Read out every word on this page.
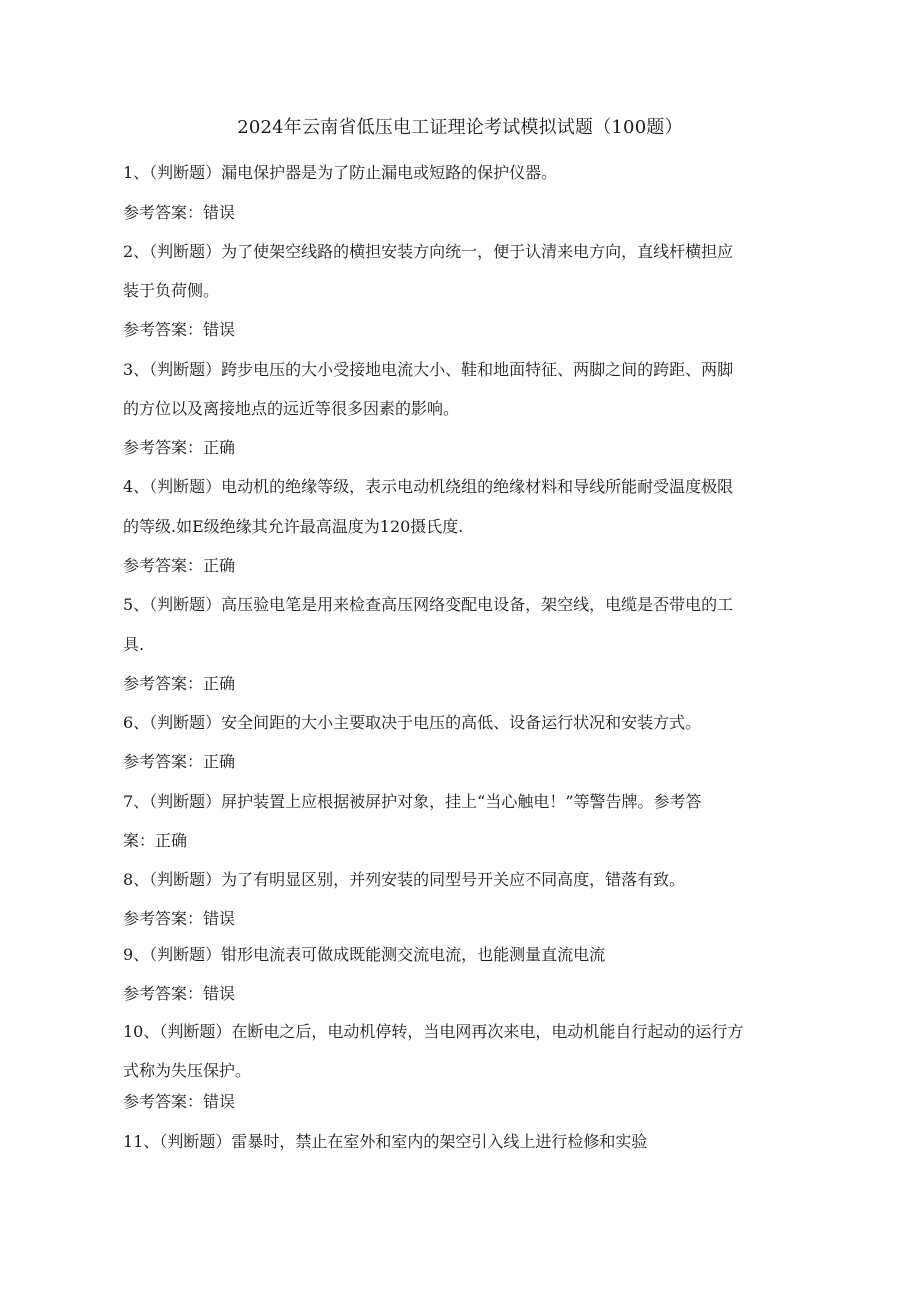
2024年云南省低压电工证理论考试模拟试题（100题）
1、（判断题）漏电保护器是为了防止漏电或短路的保护仪器。
参考答案：错误
2、（判断题）为了使架空线路的横担安装方向统一，便于认清来电方向，直线杆横担应
装于负荷侧。
参考答案：错误
3、（判断题）跨步电压的大小受接地电流大小、鞋和地面特征、两脚之间的跨距、两脚
的方位以及离接地点的远近等很多因素的影响。
参考答案：正确
4、（判断题）电动机的绝缘等级，表示电动机绕组的绝缘材料和导线所能耐受温度极限
的等级.如E级绝缘其允许最高温度为120摄氏度.
参考答案：正确
5、（判断题）高压验电笔是用来检查高压网络变配电设备，架空线，电缆是否带电的工
具.
参考答案：正确
6、（判断题）安全间距的大小主要取决于电压的高低、设备运行状况和安装方式。
参考答案：正确
7、（判断题）屏护装置上应根据被屏护对象，挂上“当心触电！”等警告牌。参考答
案：正确
8、（判断题）为了有明显区别，并列安装的同型号开关应不同高度，错落有致。
参考答案：错误
9、（判断题）钳形电流表可做成既能测交流电流，也能测量直流电流
参考答案：错误
10、（判断题）在断电之后，电动机停转，当电网再次来电，电动机能自行起动的运行方
式称为失压保护。
参考答案：错误
11、（判断题）雷暴时，禁止在室外和室内的架空引入线上进行检修和实验
